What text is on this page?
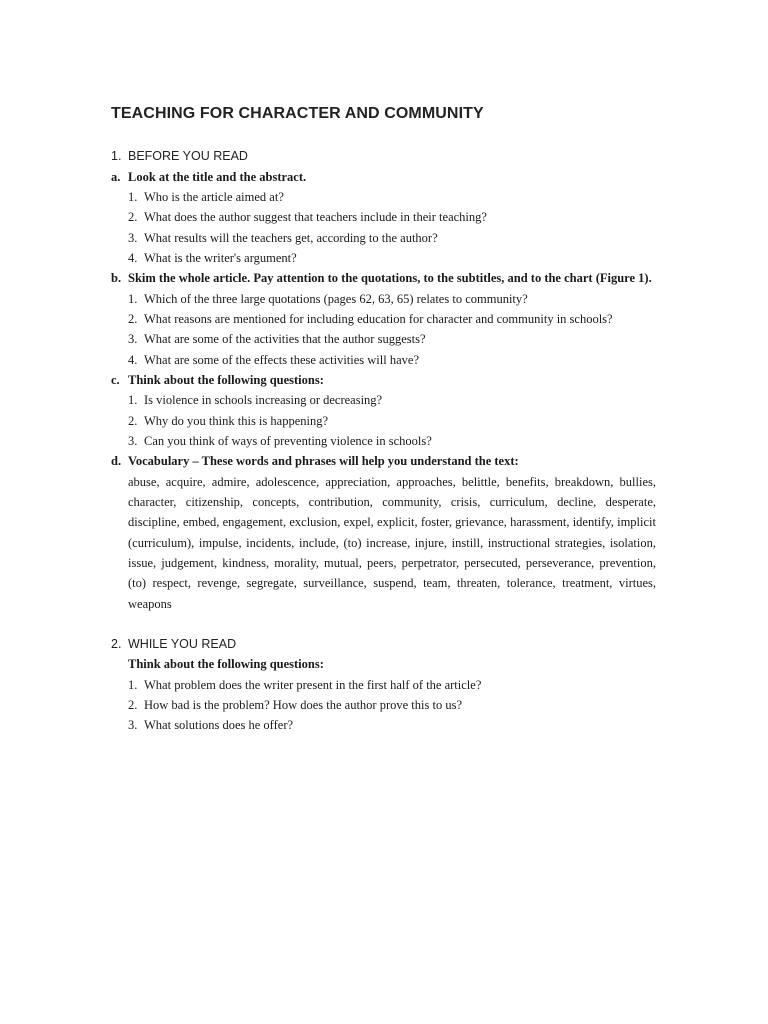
TEACHING FOR CHARACTER AND COMMUNITY
1. BEFORE YOU READ
a. Look at the title and the abstract.
1. Who is the article aimed at?
2. What does the author suggest that teachers include in their teaching?
3. What results will the teachers get, according to the author?
4. What is the writer's argument?
b. Skim the whole article. Pay attention to the quotations, to the subtitles, and to the chart (Figure 1).
1. Which of the three large quotations (pages 62, 63, 65) relates to community?
2. What reasons are mentioned for including education for character and community in schools?
3. What are some of the activities that the author suggests?
4. What are some of the effects these activities will have?
c. Think about the following questions:
1. Is violence in schools increasing or decreasing?
2. Why do you think this is happening?
3. Can you think of ways of preventing violence in schools?
d. Vocabulary – These words and phrases will help you understand the text:

abuse, acquire, admire, adolescence, appreciation, approaches, belittle, benefits, breakdown, bullies, character, citizenship, concepts, contribution, community, crisis, curriculum, decline, desperate, discipline, embed, engagement, exclusion, expel, explicit, foster, grievance, harassment, identify, implicit (curriculum), impulse, incidents, include, (to) increase, injure, instill, instructional strategies, isolation, issue, judgement, kindness, morality, mutual, peers, perpetrator, persecuted, perseverance, prevention, (to) respect, revenge, segregate, surveillance, suspend, team, threaten, tolerance, treatment, virtues, weapons

2. WHILE YOU READ
Think about the following questions:
1. What problem does the writer present in the first half of the article?
2. How bad is the problem? How does the author prove this to us?
3. What solutions does he offer?
